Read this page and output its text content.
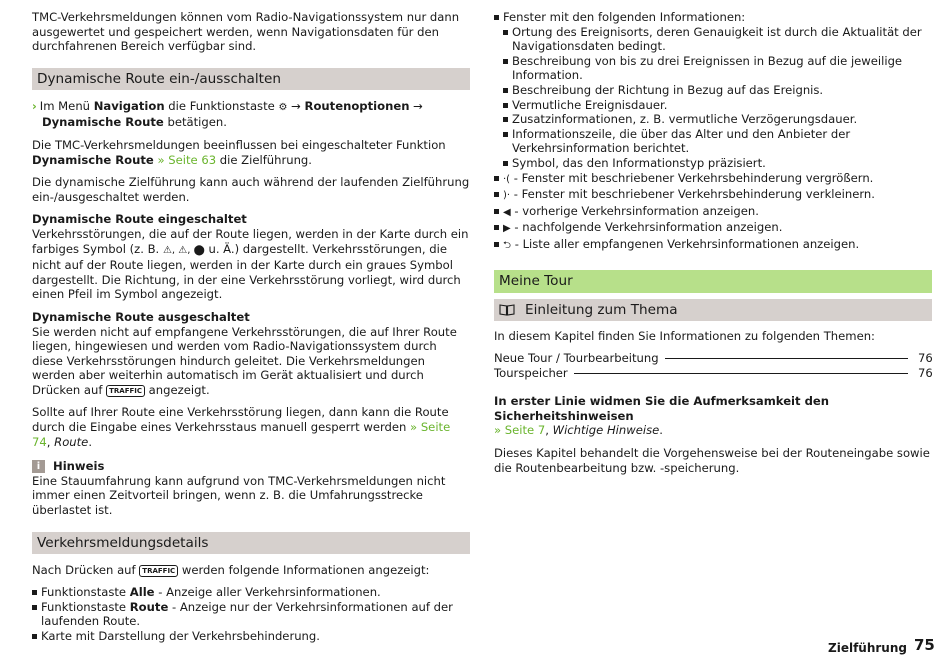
TMC-Verkehrsmeldungen können vom Radio-Navigationssystem nur dann ausgewertet und gespeichert werden, wenn Navigationsdaten für den durchfahrenen Bereich verfügbar sind.

Dynamische Route ein-/ausschalten

› Im Menü Navigation die Funktionstaste ⚙ → Routenoptionen → Dynamische Route betätigen.

Die TMC-Verkehrsmeldungen beeinflussen bei eingeschalteter Funktion Dynamische Route » Seite 63 die Zielführung.

Die dynamische Zielführung kann auch während der laufenden Zielführung ein-/ausgeschaltet werden.

Dynamische Route eingeschaltet

Verkehrsstörungen, die auf der Route liegen, werden in der Karte durch ein farbiges Symbol (z. B. ⚠, ⚠, ⬤ u. Ä.) dargestellt. Verkehrsstörungen, die nicht auf der Route liegen, werden in der Karte durch ein graues Symbol dargestellt. Die Richtung, in der eine Verkehrsstörung vorliegt, wird durch einen Pfeil im Symbol angezeigt.

Dynamische Route ausgeschaltet

Sie werden nicht auf empfangene Verkehrsstörungen, die auf Ihrer Route liegen, hingewiesen und werden vom Radio-Navigationssystem durch diese Verkehrsstörungen hindurch geleitet. Die Verkehrsmeldungen werden aber weiterhin automatisch im Gerät aktualisiert und durch Drücken auf TRAFFIC angezeigt.

Sollte auf Ihrer Route eine Verkehrsstörung liegen, dann kann die Route durch die Eingabe eines Verkehrsstaus manuell gesperrt werden » Seite 74, Route.

i	Hinweis

Eine Stauumfahrung kann aufgrund von TMC-Verkehrsmeldungen nicht immer einen Zeitvorteil bringen, wenn z. B. die Umfahrungsstrecke überlastet ist.

Verkehrsmeldungsdetails

Nach Drücken auf TRAFFIC werden folgende Informationen angezeigt:

Funktionstaste Alle - Anzeige aller Verkehrsinformationen.
Funktionstaste Route - Anzeige nur der Verkehrsinformationen auf der laufenden Route.
Karte mit Darstellung der Verkehrsbehinderung.
Fenster mit den folgenden Informationen:
Ortung des Ereignisorts, deren Genauigkeit ist durch die Aktualität der Navigationsdaten bedingt.
Beschreibung von bis zu drei Ereignissen in Bezug auf die jeweilige Information.
Beschreibung der Richtung in Bezug auf das Ereignis.
Vermutliche Ereignisdauer.
Zusatzinformationen, z. B. vermutliche Verzögerungsdauer.
Informationszeile, die über das Alter und den Anbieter der Verkehrsinformation berichtet.
Symbol, das den Informationstyp präzisiert.
·( - Fenster mit beschriebener Verkehrsbehinderung vergrößern.
)· - Fenster mit beschriebener Verkehrsbehinderung verkleinern.
◀ - vorherige Verkehrsinformation anzeigen.
▶ - nachfolgende Verkehrsinformation anzeigen.
⮌ - Liste aller empfangenen Verkehrsinformationen anzeigen.
Meine Tour
Einleitung zum Thema

In diesem Kapitel finden Sie Informationen zu folgenden Themen:

Neue Tour / Tourbearbeitung	76
Tourspeicher	76

In erster Linie widmen Sie die Aufmerksamkeit den Sicherheitshinweisen
» Seite 7, Wichtige Hinweise.

Dieses Kapitel behandelt die Vorgehensweise bei der Routeneingabe sowie die Routenbearbeitung bzw. -speicherung.

Zielführung 75
